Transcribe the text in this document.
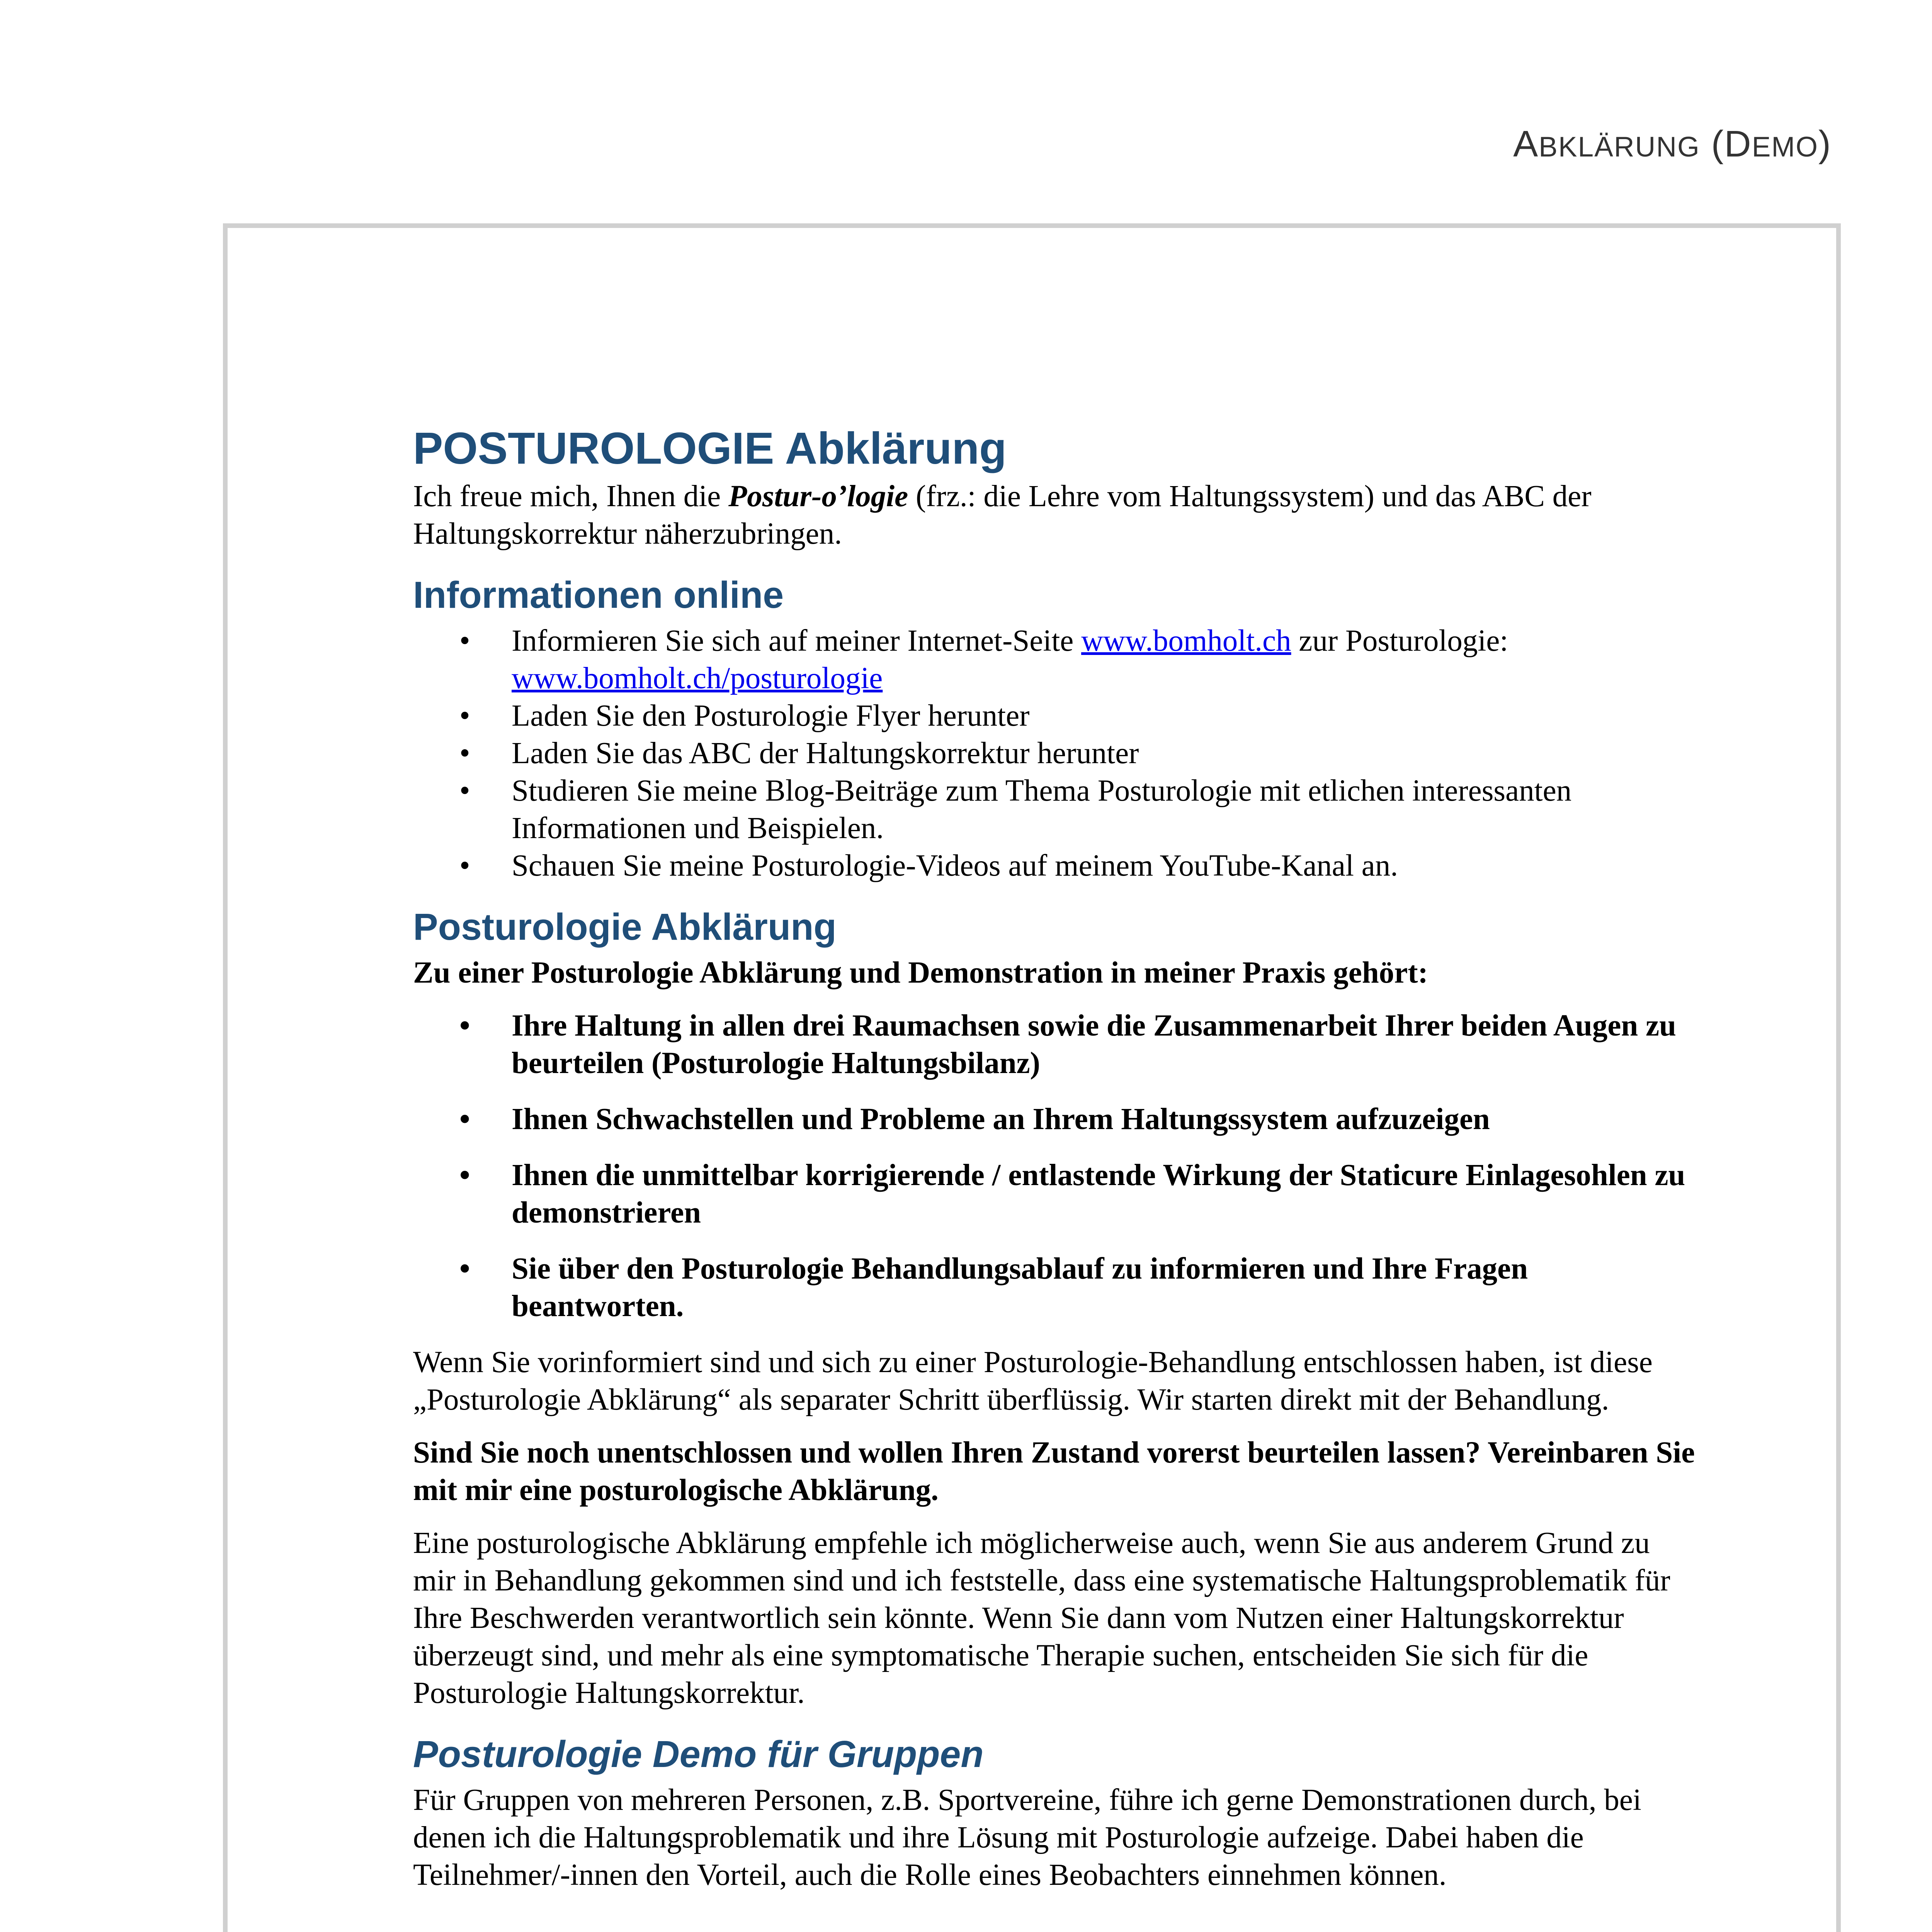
ABKLÄRUNG (DEMO)
POSTUROLOGIE Abklärung

Ich freue mich, Ihnen die Postur-o’logie (frz.: die Lehre vom Haltungssystem) und das ABC der Haltungskorrektur näherzubringen.

Informationen online
• Informieren Sie sich auf meiner Internet-Seite www.bomholt.ch zur Posturologie: www.bomholt.ch/posturologie
• Laden Sie den Posturologie Flyer herunter
• Laden Sie das ABC der Haltungskorrektur herunter
• Studieren Sie meine Blog-Beiträge zum Thema Posturologie mit etlichen interessanten Informationen und Beispielen.
• Schauen Sie meine Posturologie-Videos auf meinem YouTube-Kanal an.
Posturologie Abklärung

Zu einer Posturologie Abklärung und Demonstration in meiner Praxis gehört:

• Ihre Haltung in allen drei Raumachsen sowie die Zusammenarbeit Ihrer beiden Augen zu beurteilen (Posturologie Haltungsbilanz)
• Ihnen Schwachstellen und Probleme an Ihrem Haltungssystem aufzuzeigen
• Ihnen die unmittelbar korrigierende / entlastende Wirkung der Staticure Einlagesohlen zu demonstrieren
• Sie über den Posturologie Behandlungsablauf zu informieren und Ihre Fragen beantworten.

Wenn Sie vorinformiert sind und sich zu einer Posturologie-Behandlung entschlossen haben, ist diese „Posturologie Abklärung“ als separater Schritt überflüssig. Wir starten direkt mit der Behandlung.

Sind Sie noch unentschlossen und wollen Ihren Zustand vorerst beurteilen lassen? Vereinbaren Sie mit mir eine posturologische Abklärung.

Eine posturologische Abklärung empfehle ich möglicherweise auch, wenn Sie aus anderem Grund zu mir in Behandlung gekommen sind und ich feststelle, dass eine systematische Haltungsproblematik für Ihre Beschwerden verantwortlich sein könnte. Wenn Sie dann vom Nutzen einer Haltungskorrektur überzeugt sind, und mehr als eine symptomatische Therapie suchen, entscheiden Sie sich für die Posturologie Haltungskorrektur.

Posturologie Demo für Gruppen

Für Gruppen von mehreren Personen, z.B. Sportvereine, führe ich gerne Demonstrationen durch, bei denen ich die Haltungsproblematik und ihre Lösung mit Posturologie aufzeige. Dabei haben die Teilnehmer/-innen den Vorteil, auch die Rolle eines Beobachters einnehmen können.
